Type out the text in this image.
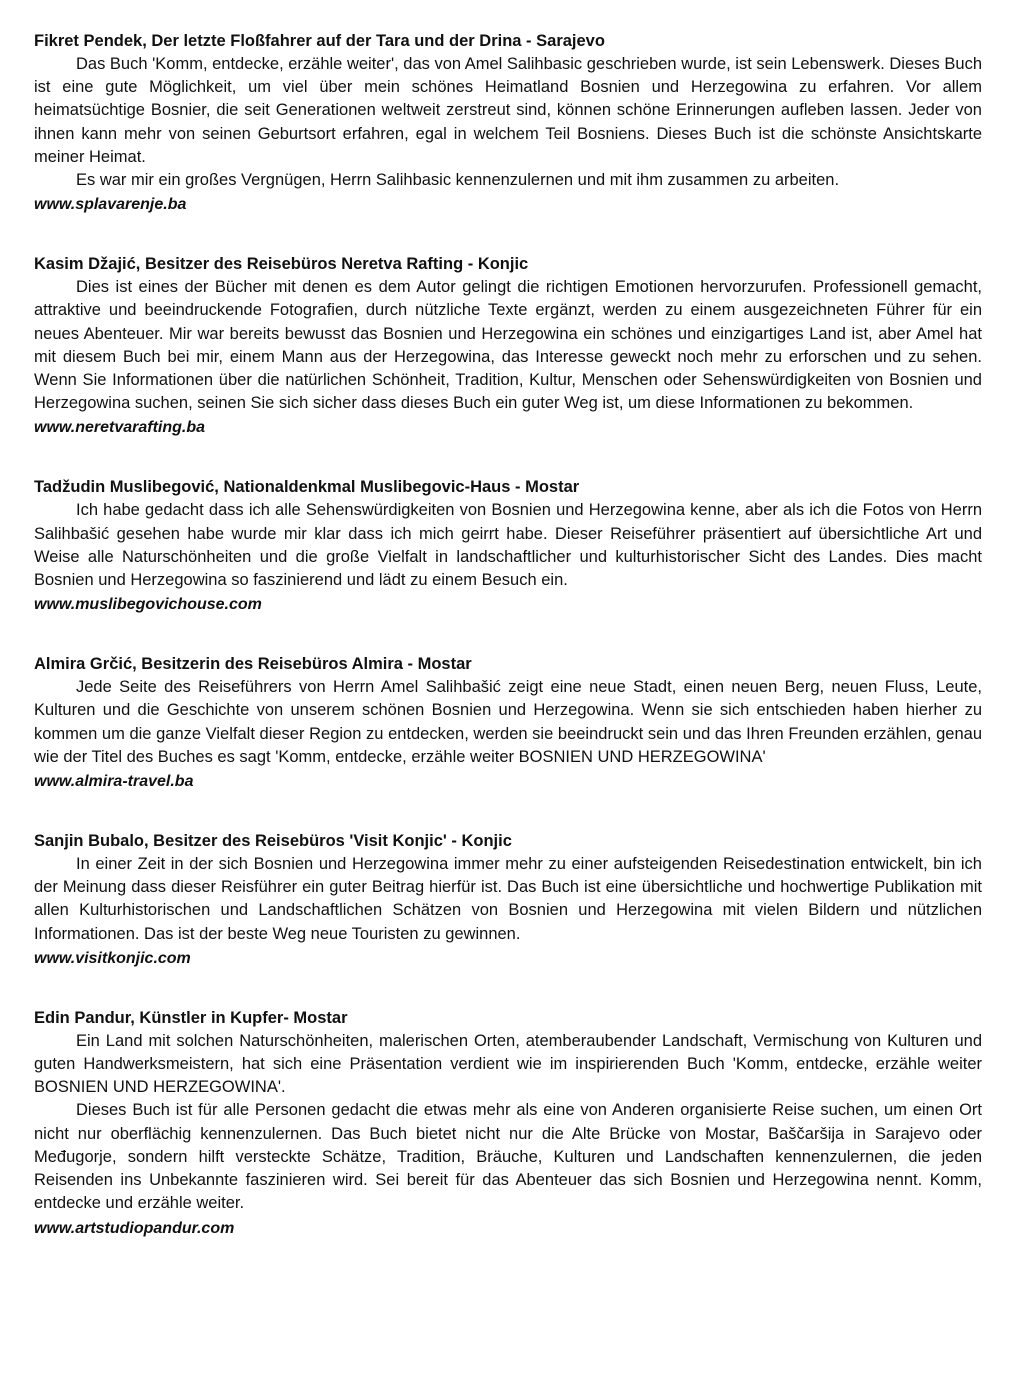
Fikret Pendek, Der letzte Floßfahrer auf der Tara und der Drina - Sarajevo

Das Buch 'Komm, entdecke, erzähle weiter', das von Amel Salihbasic geschrieben wurde, ist sein Lebenswerk. Dieses Buch ist eine gute Möglichkeit, um viel über mein schönes Heimatland Bosnien und Herzegowina zu erfahren. Vor allem heimatsüchtige Bosnier, die seit Generationen weltweit zerstreut sind, können schöne Erinnerungen aufleben lassen. Jeder von ihnen kann mehr von seinen Geburtsort erfahren, egal in welchem Teil Bosniens. Dieses Buch ist die schönste Ansichtskarte meiner Heimat.

Es war mir ein großes Vergnügen, Herrn Salihbasic kennenzulernen und mit ihm zusammen zu arbeiten.

www.splavarenje.ba

Kasim Džajić, Besitzer des Reisebüros Neretva Rafting - Konjic

Dies ist eines der Bücher mit denen es dem Autor gelingt die richtigen Emotionen hervorzurufen. Professionell gemacht, attraktive und beeindruckende Fotografien, durch nützliche Texte ergänzt, werden zu einem ausgezeichneten Führer für ein neues Abenteuer. Mir war bereits bewusst das Bosnien und Herzegowina ein schönes und einzigartiges Land ist, aber Amel hat mit diesem Buch bei mir, einem Mann aus der Herzegowina, das Interesse geweckt noch mehr zu erforschen und zu sehen. Wenn Sie Informationen über die natürlichen Schönheit, Tradition, Kultur, Menschen oder Sehenswürdigkeiten von Bosnien und Herzegowina suchen, seinen Sie sich sicher dass dieses Buch ein guter Weg ist, um diese Informationen zu bekommen.

www.neretvarafting.ba

Tadžudin Muslibegović, Nationaldenkmal Muslibegovic-Haus - Mostar

Ich habe gedacht dass ich alle Sehenswürdigkeiten von Bosnien und Herzegowina kenne, aber als ich die Fotos von Herrn Salihbašić gesehen habe wurde mir klar dass ich mich geirrt habe. Dieser Reiseführer präsentiert auf übersichtliche Art und Weise alle Naturschönheiten und die große Vielfalt in landschaftlicher und kulturhistorischer Sicht des Landes. Dies macht Bosnien und Herzegowina so faszinierend und lädt zu einem Besuch ein.

www.muslibegovichouse.com

Almira Grčić, Besitzerin des Reisebüros Almira - Mostar

Jede Seite des Reiseführers von Herrn Amel Salihbašić zeigt eine neue Stadt, einen neuen Berg, neuen Fluss, Leute, Kulturen und die Geschichte von unserem schönen Bosnien und Herzegowina. Wenn sie sich entschieden haben hierher zu kommen um die ganze Vielfalt dieser Region zu entdecken, werden sie beeindruckt sein und das Ihren Freunden erzählen, genau wie der Titel des Buches es sagt 'Komm, entdecke, erzähle weiter BOSNIEN UND HERZEGOWINA'

www.almira-travel.ba

Sanjin Bubalo, Besitzer des Reisebüros 'Visit Konjic' - Konjic

In einer Zeit in der sich Bosnien und Herzegowina immer mehr zu einer aufsteigenden Reisedestination entwickelt, bin ich der Meinung dass dieser Reisführer ein guter Beitrag hierfür ist. Das Buch ist eine übersichtliche und hochwertige Publikation mit allen Kulturhistorischen und Landschaftlichen Schätzen von Bosnien und Herzegowina mit vielen Bildern und nützlichen Informationen. Das ist der beste Weg neue Touristen zu gewinnen.

www.visitkonjic.com

Edin Pandur, Künstler in Kupfer- Mostar

Ein Land mit solchen Naturschönheiten, malerischen Orten, atemberaubender Landschaft, Vermischung von Kulturen und guten Handwerksmeistern, hat sich eine Präsentation verdient wie im inspirierenden Buch 'Komm, entdecke, erzähle weiter BOSNIEN UND HERZEGOWINA'.

Dieses Buch ist für alle Personen gedacht die etwas mehr als eine von Anderen organisierte Reise suchen, um einen Ort nicht nur oberflächig kennenzulernen. Das Buch bietet nicht nur die Alte Brücke von Mostar, Baščaršija in Sarajevo oder Međugorje, sondern hilft versteckte Schätze, Tradition, Bräuche, Kulturen und Landschaften kennenzulernen, die jeden Reisenden ins Unbekannte faszinieren wird. Sei bereit für das Abenteuer das sich Bosnien und Herzegowina nennt. Komm, entdecke und erzähle weiter.

www.artstudiopandur.com
